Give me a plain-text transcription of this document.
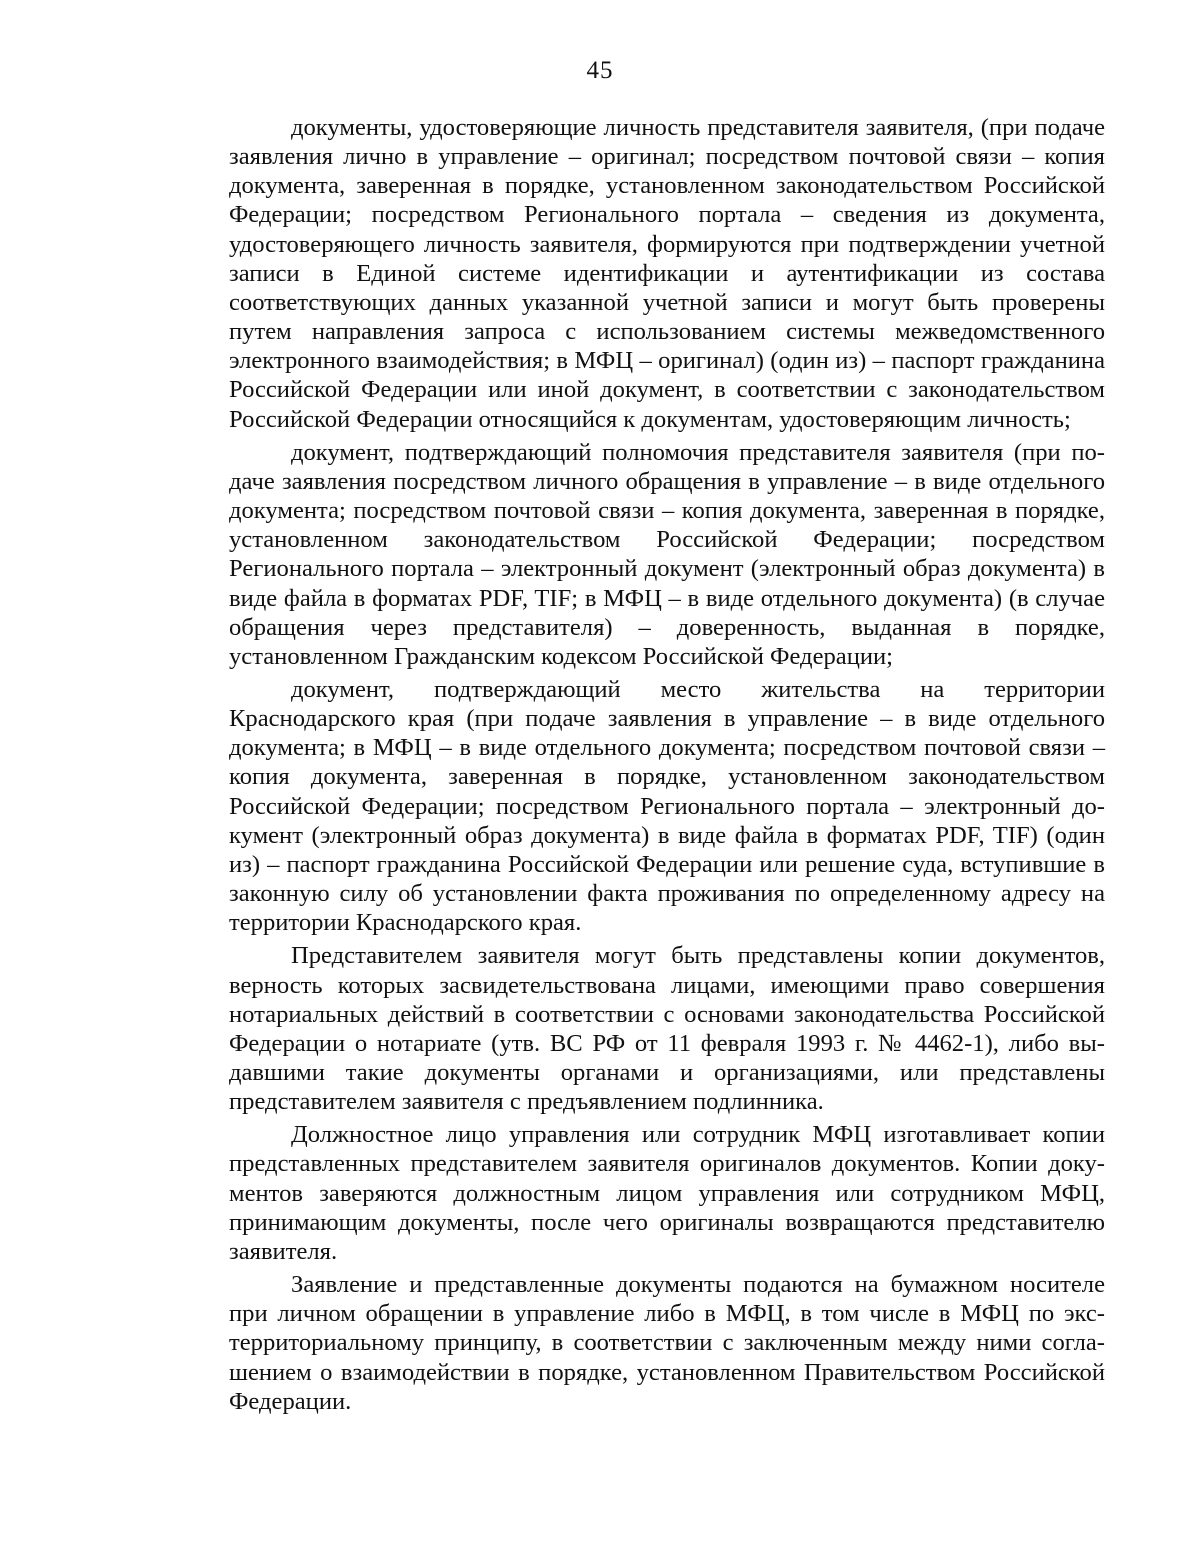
45

документы, удостоверяющие личность представителя заявителя, (при подаче заявления лично в управление – оригинал; посредством почтовой связи – копия документа, заверенная в порядке, установленном законодательством Российской Федерации; посредством Регионального портала – сведения из документа, удостоверяющего личность заявителя, формируются при подтверждении учетной записи в Единой системе идентификации и аутентификации из состава соответствующих данных указанной учетной записи и могут быть проверены путем направления запроса с использованием системы межведомственного электронного взаимодействия; в МФЦ – оригинал) (один из) – паспорт гражданина Российской Федерации или иной документ, в соответствии с законодательством Российской Федерации относящийся к документам, удостоверяющим личность;

документ, подтверждающий полномочия представителя заявителя (при подаче заявления посредством личного обращения в управление – в виде отдельного документа; посредством почтовой связи – копия документа, заверенная в порядке, установленном законодательством Российской Федерации; посредством Регионального портала – электронный документ (электронный образ документа) в виде файла в форматах PDF, TIF; в МФЦ – в виде отдельного документа) (в случае обращения через представителя) – доверенность, выданная в порядке, установленном Гражданским кодексом Российской Федерации;

документ, подтверждающий место жительства на территории Краснодарского края (при подаче заявления в управление – в виде отдельного документа; в МФЦ – в виде отдельного документа; посредством почтовой связи – копия документа, заверенная в порядке, установленном законодательством Российской Федерации; посредством Регионального портала – электронный документ (электронный образ документа) в виде файла в форматах PDF, TIF) (один из) – паспорт гражданина Российской Федерации или решение суда, вступившие в законную силу об установлении факта проживания по определенному адресу на территории Краснодарского края.

Представителем заявителя могут быть представлены копии документов, верность которых засвидетельствована лицами, имеющими право совершения нотариальных действий в соответствии с основами законодательства Российской Федерации о нотариате (утв. ВС РФ от 11 февраля 1993 г. № 4462-1), либо выдавшими такие документы органами и организациями, или представлены представителем заявителя с предъявлением подлинника.

Должностное лицо управления или сотрудник МФЦ изготавливает копии представленных представителем заявителя оригиналов документов. Копии документов заверяются должностным лицом управления или сотрудником МФЦ, принимающим документы, после чего оригиналы возвращаются представителю заявителя.

Заявление и представленные документы подаются на бумажном носителе при личном обращении в управление либо в МФЦ, в том числе в МФЦ по экстерриториальному принципу, в соответствии с заключенным между ними соглашением о взаимодействии в порядке, установленном Правительством Российской Федерации.
